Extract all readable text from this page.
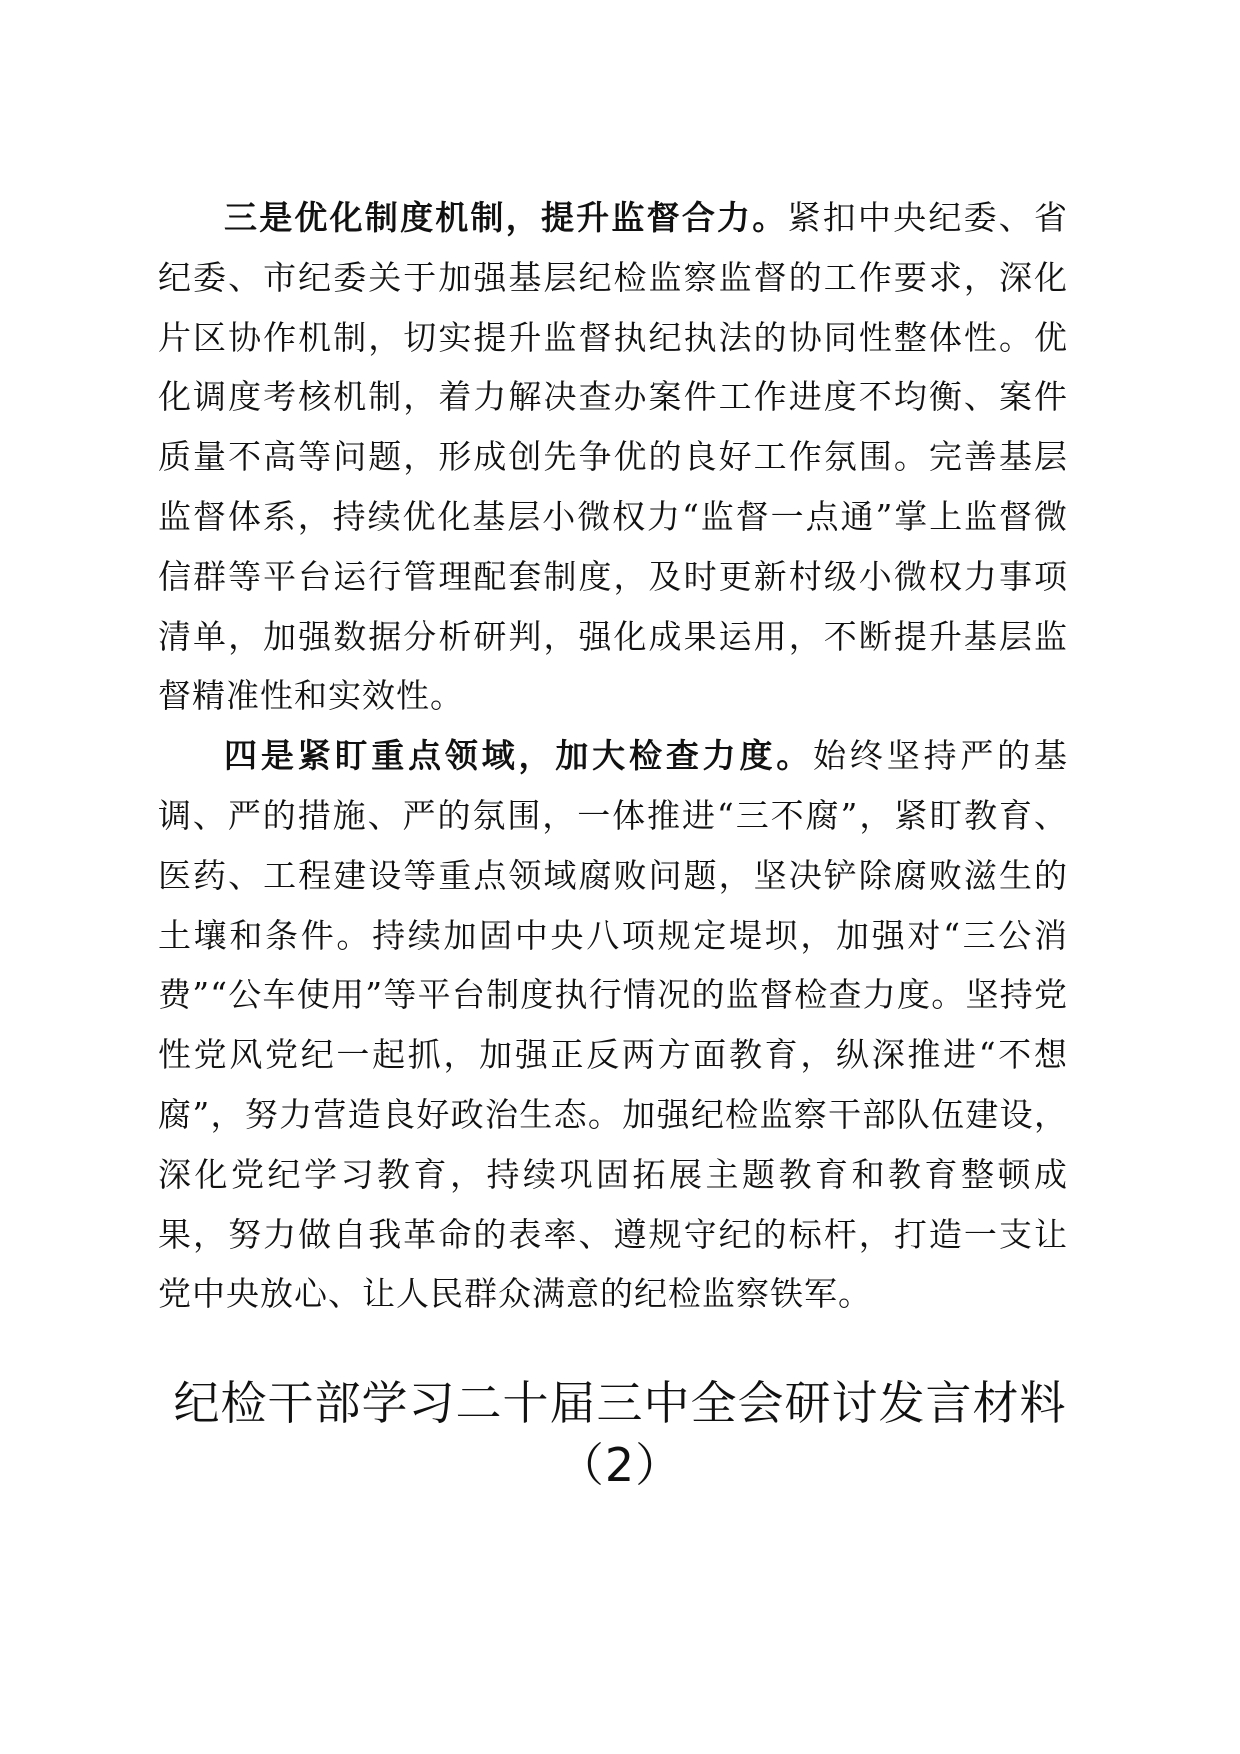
三是优化制度机制，提升监督合力。紧扣中央纪委、省纪委、市纪委关于加强基层纪检监察监督的工作要求，深化片区协作机制，切实提升监督执纪执法的协同性整体性。优化调度考核机制，着力解决查办案件工作进度不均衡、案件质量不高等问题，形成创先争优的良好工作氛围。完善基层监督体系，持续优化基层小微权力“监督一点通”掌上监督微信群等平台运行管理配套制度，及时更新村级小微权力事项清单，加强数据分析研判，强化成果运用，不断提升基层监督精准性和实效性。

四是紧盯重点领域，加大检查力度。始终坚持严的基调、严的措施、严的氛围，一体推进“三不腐”，紧盯教育、医药、工程建设等重点领域腐败问题，坚决铲除腐败滋生的土壤和条件。持续加固中央八项规定堤坝，加强对“三公消费”“公车使用”等平台制度执行情况的监督检查力度。坚持党性党风党纪一起抓，加强正反两方面教育，纵深推进“不想腐”，努力营造良好政治生态。加强纪检监察干部队伍建设，深化党纪学习教育，持续巩固拓展主题教育和教育整顿成果，努力做自我革命的表率、遵规守纪的标杆，打造一支让党中央放心、让人民群众满意的纪检监察铁军。

纪检干部学习二十届三中全会研讨发言材料
（2）
